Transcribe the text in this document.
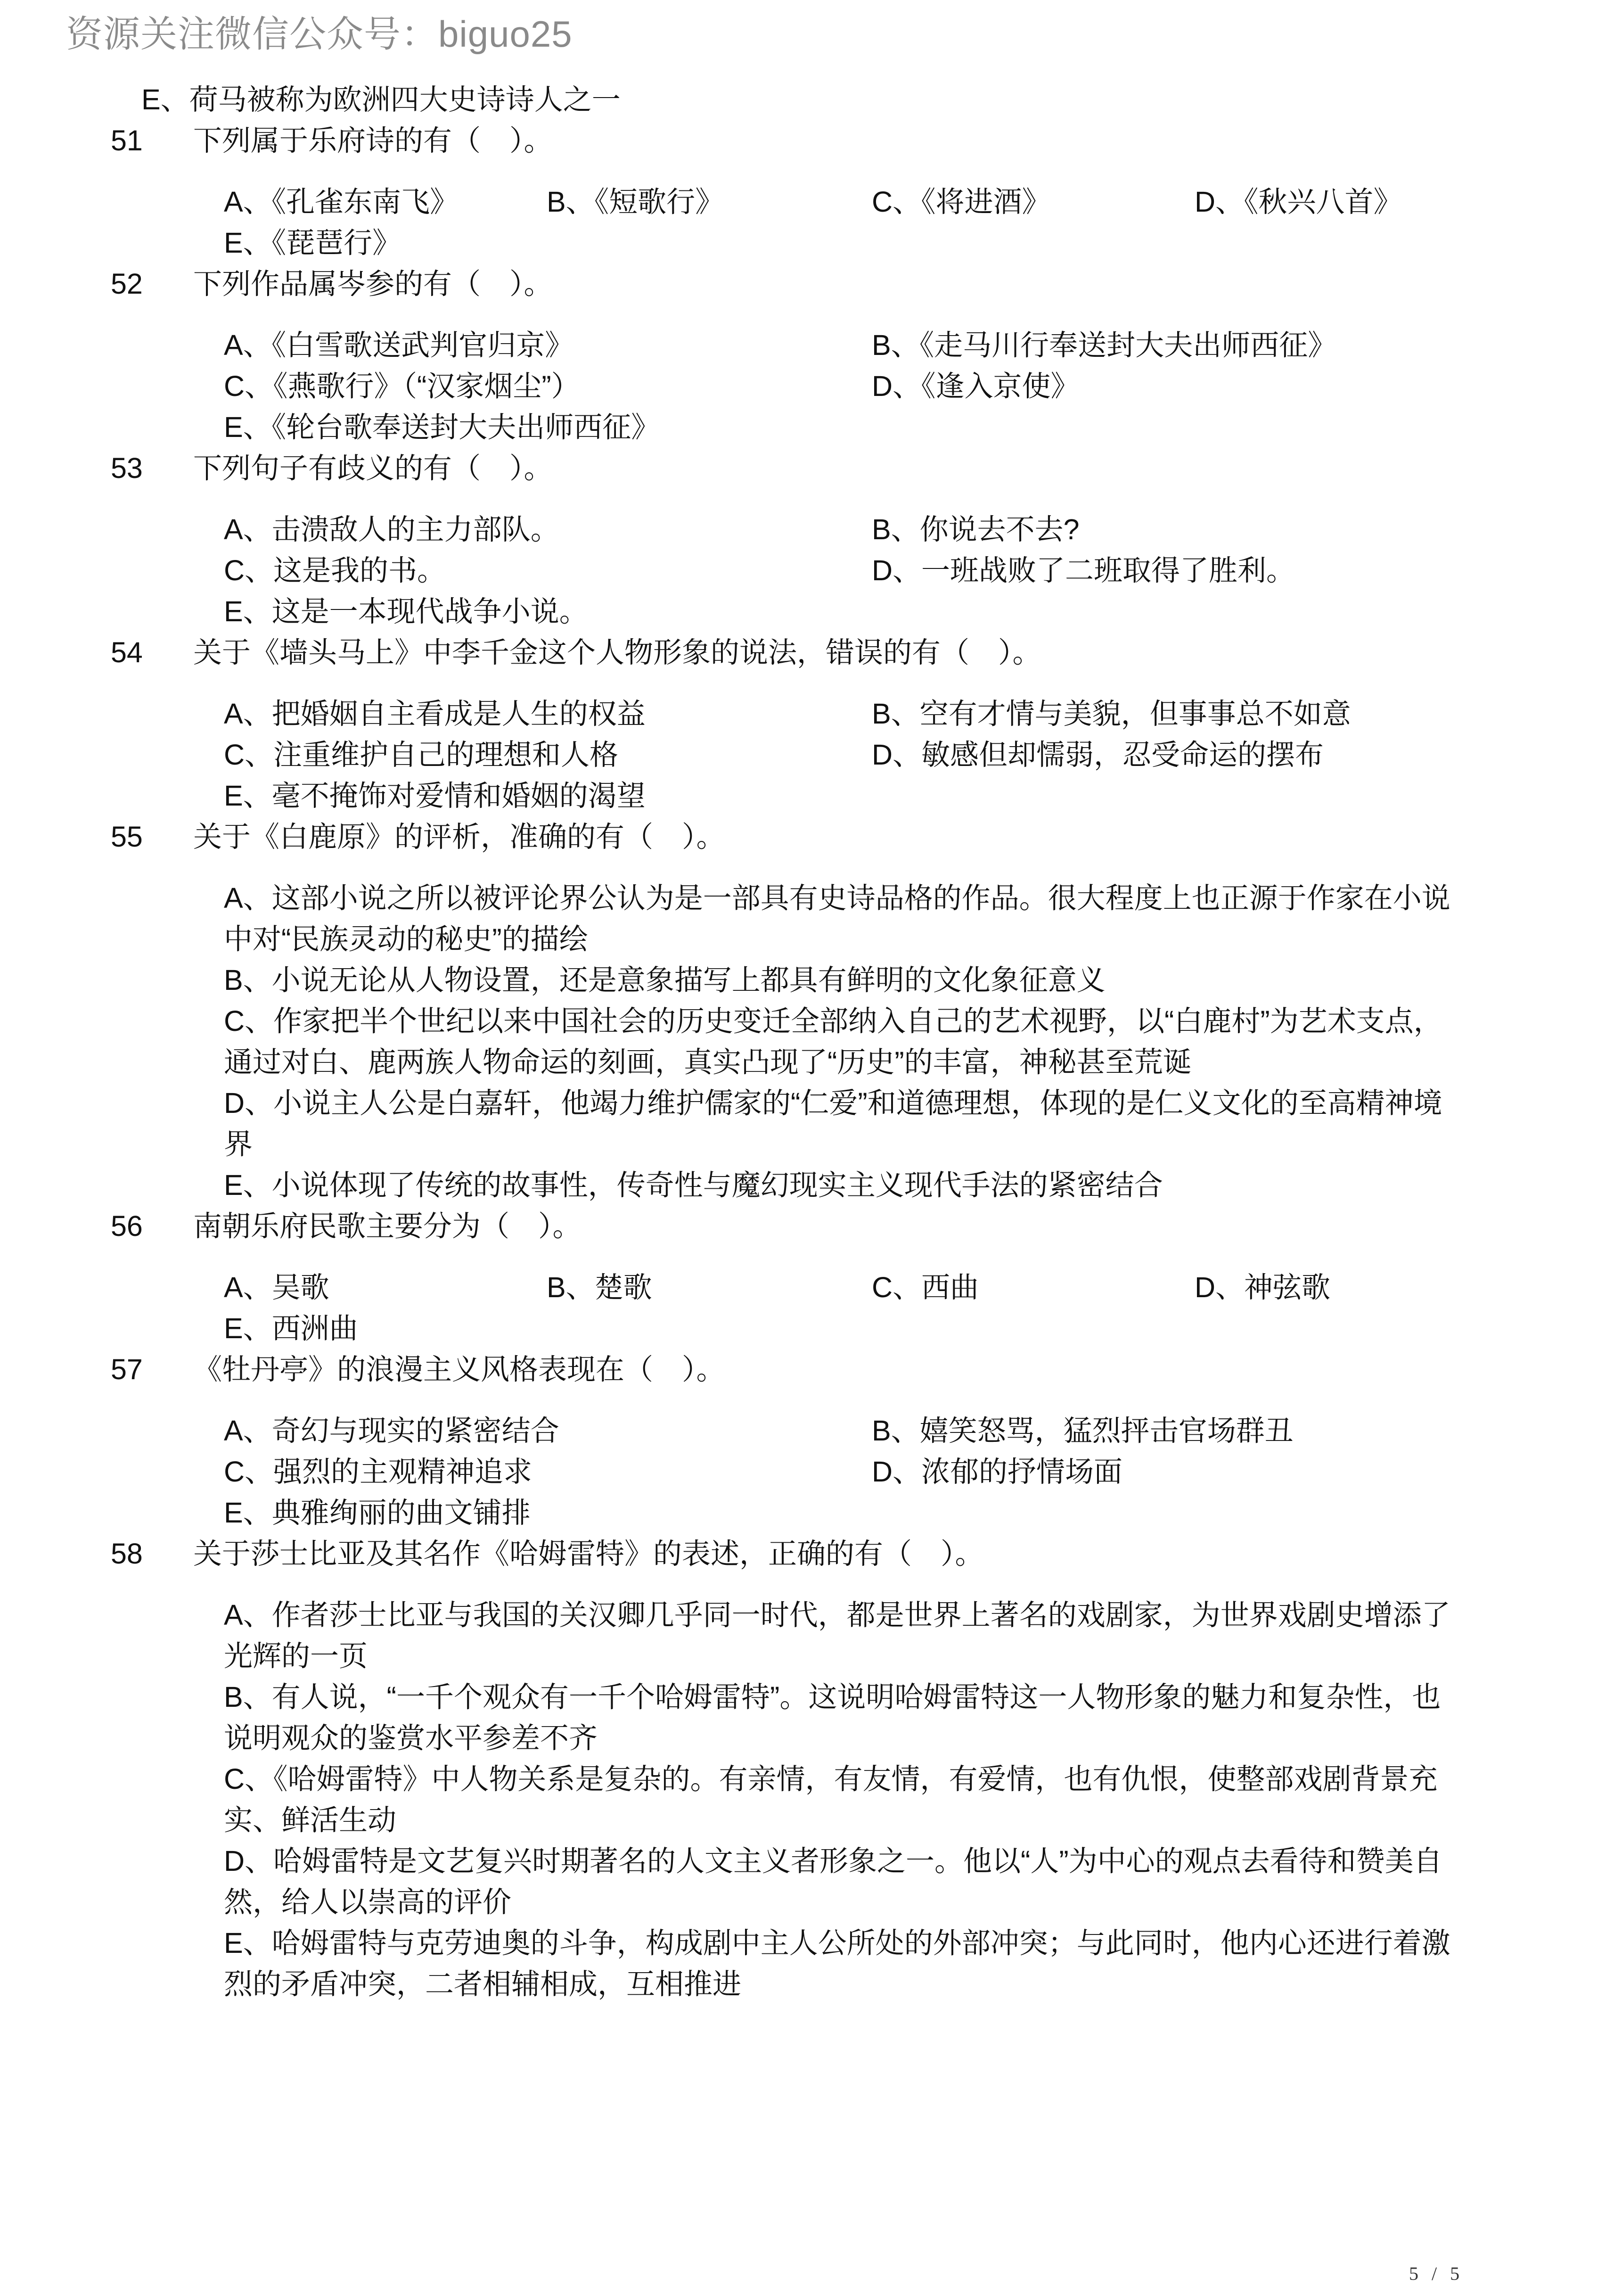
资源关注微信公众号：biguo25
E、荷马被称为欧洲四大史诗诗人之一
51 下列属于乐府诗的有（　）。
A、《孔雀东南飞》	B、《短歌行》	C、《将进酒》	D、《秋兴八首》
E、《琵琶行》
52 下列作品属岑参的有（　）。
A、《白雪歌送武判官归京》	B、《走马川行奉送封大夫出师西征》
C、《燕歌行》（“汉家烟尘”）	D、《逢入京使》
E、《轮台歌奉送封大夫出师西征》
53 下列句子有歧义的有（　）。
A、击溃敌人的主力部队。	B、你说去不去?
C、这是我的书。	D、一班战败了二班取得了胜利。
E、这是一本现代战争小说。
54 关于《墙头马上》中李千金这个人物形象的说法，错误的有（　）。
A、把婚姻自主看成是人生的权益	B、空有才情与美貌，但事事总不如意
C、注重维护自己的理想和人格	D、敏感但却懦弱，忍受命运的摆布
E、毫不掩饰对爱情和婚姻的渴望
55 关于《白鹿原》的评析，准确的有（　）。
A、这部小说之所以被评论界公认为是一部具有史诗品格的作品。很大程度上也正源于作家在小说中对“民族灵动的秘史”的描绘
B、小说无论从人物设置，还是意象描写上都具有鲜明的文化象征意义
C、作家把半个世纪以来中国社会的历史变迁全部纳入自己的艺术视野，以“白鹿村”为艺术支点，通过对白、鹿两族人物命运的刻画，真实凸现了“历史”的丰富，神秘甚至荒诞
D、小说主人公是白嘉轩，他竭力维护儒家的“仁爱”和道德理想，体现的是仁义文化的至高精神境界
E、小说体现了传统的故事性，传奇性与魔幻现实主义现代手法的紧密结合
56 南朝乐府民歌主要分为（　）。
A、吴歌	B、楚歌	C、西曲	D、神弦歌
E、西洲曲
57 《牡丹亭》的浪漫主义风格表现在（　）。
A、奇幻与现实的紧密结合	B、嬉笑怒骂，猛烈抨击官场群丑
C、强烈的主观精神追求	D、浓郁的抒情场面
E、典雅绚丽的曲文铺排
58 关于莎士比亚及其名作《哈姆雷特》的表述，正确的有（　）。
A、作者莎士比亚与我国的关汉卿几乎同一时代，都是世界上著名的戏剧家，为世界戏剧史增添了光辉的一页
B、有人说，“一千个观众有一千个哈姆雷特”。这说明哈姆雷特这一人物形象的魅力和复杂性，也说明观众的鉴赏水平参差不齐
C、《哈姆雷特》中人物关系是复杂的。有亲情，有友情，有爱情，也有仇恨，使整部戏剧背景充实、鲜活生动
D、哈姆雷特是文艺复兴时期著名的人文主义者形象之一。他以“人”为中心的观点去看待和赞美自然，给人以崇高的评价
E、哈姆雷特与克劳迪奥的斗争，构成剧中主人公所处的外部冲突；与此同时，他内心还进行着激烈的矛盾冲突，二者相辅相成，互相推进
5 / 5
